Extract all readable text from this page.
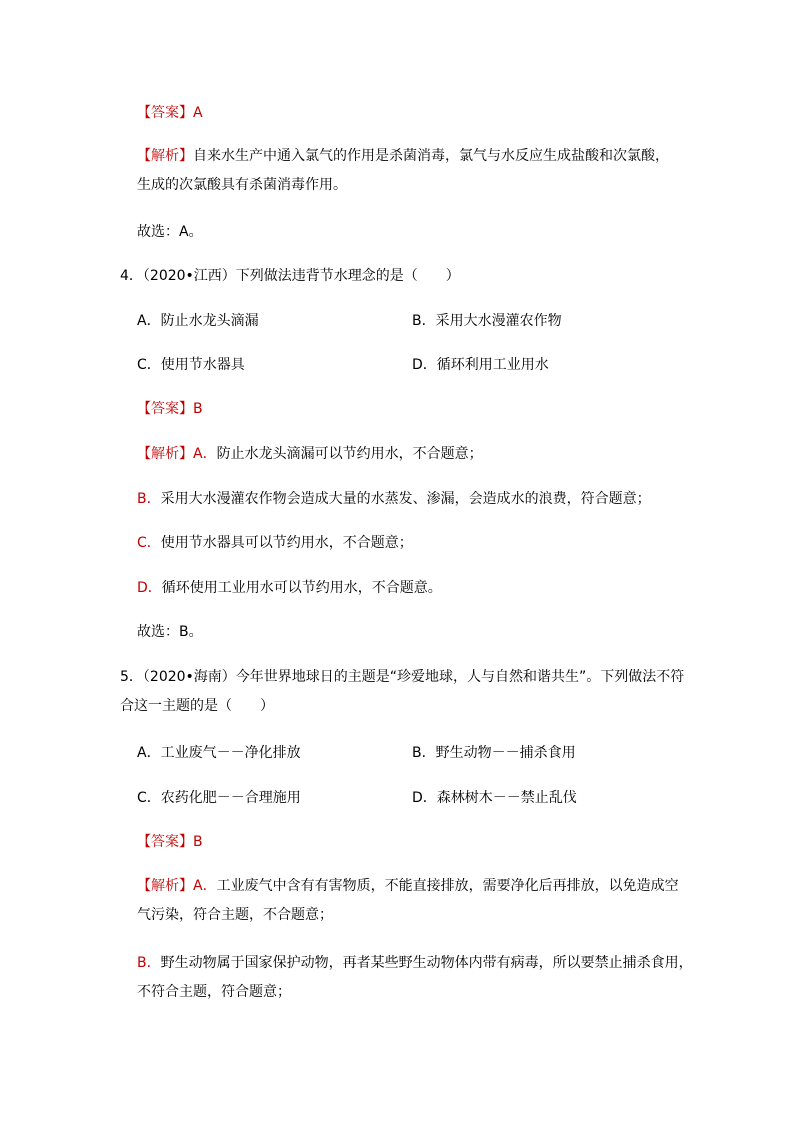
【答案】A
【解析】自来水生产中通入氯气的作用是杀菌消毒，氯气与水反应生成盐酸和次氯酸，
生成的次氯酸具有杀菌消毒作用。
故选：A。
4．（2020•江西）下列做法违背节水理念的是（　　）
A．防止水龙头滴漏	B．采用大水漫灌农作物
C．使用节水器具	D．循环利用工业用水
【答案】B
【解析】A．防止水龙头滴漏可以节约用水，不合题意；
B．采用大水漫灌农作物会造成大量的水蒸发、渗漏，会造成水的浪费，符合题意；
C．使用节水器具可以节约用水，不合题意；
D．循环使用工业用水可以节约用水，不合题意。
故选：B。
5．（2020•海南）今年世界地球日的主题是“珍爱地球，人与自然和谐共生”。下列做法不符
合这一主题的是（　　）
A．工业废气－－净化排放	B．野生动物－－捕杀食用
C．农药化肥－－合理施用	D．森林树木－－禁止乱伐
【答案】B
【解析】A．工业废气中含有有害物质，不能直接排放，需要净化后再排放，以免造成空
气污染，符合主题，不合题意；
B．野生动物属于国家保护动物，再者某些野生动物体内带有病毒，所以要禁止捕杀食用，
不符合主题，符合题意；
